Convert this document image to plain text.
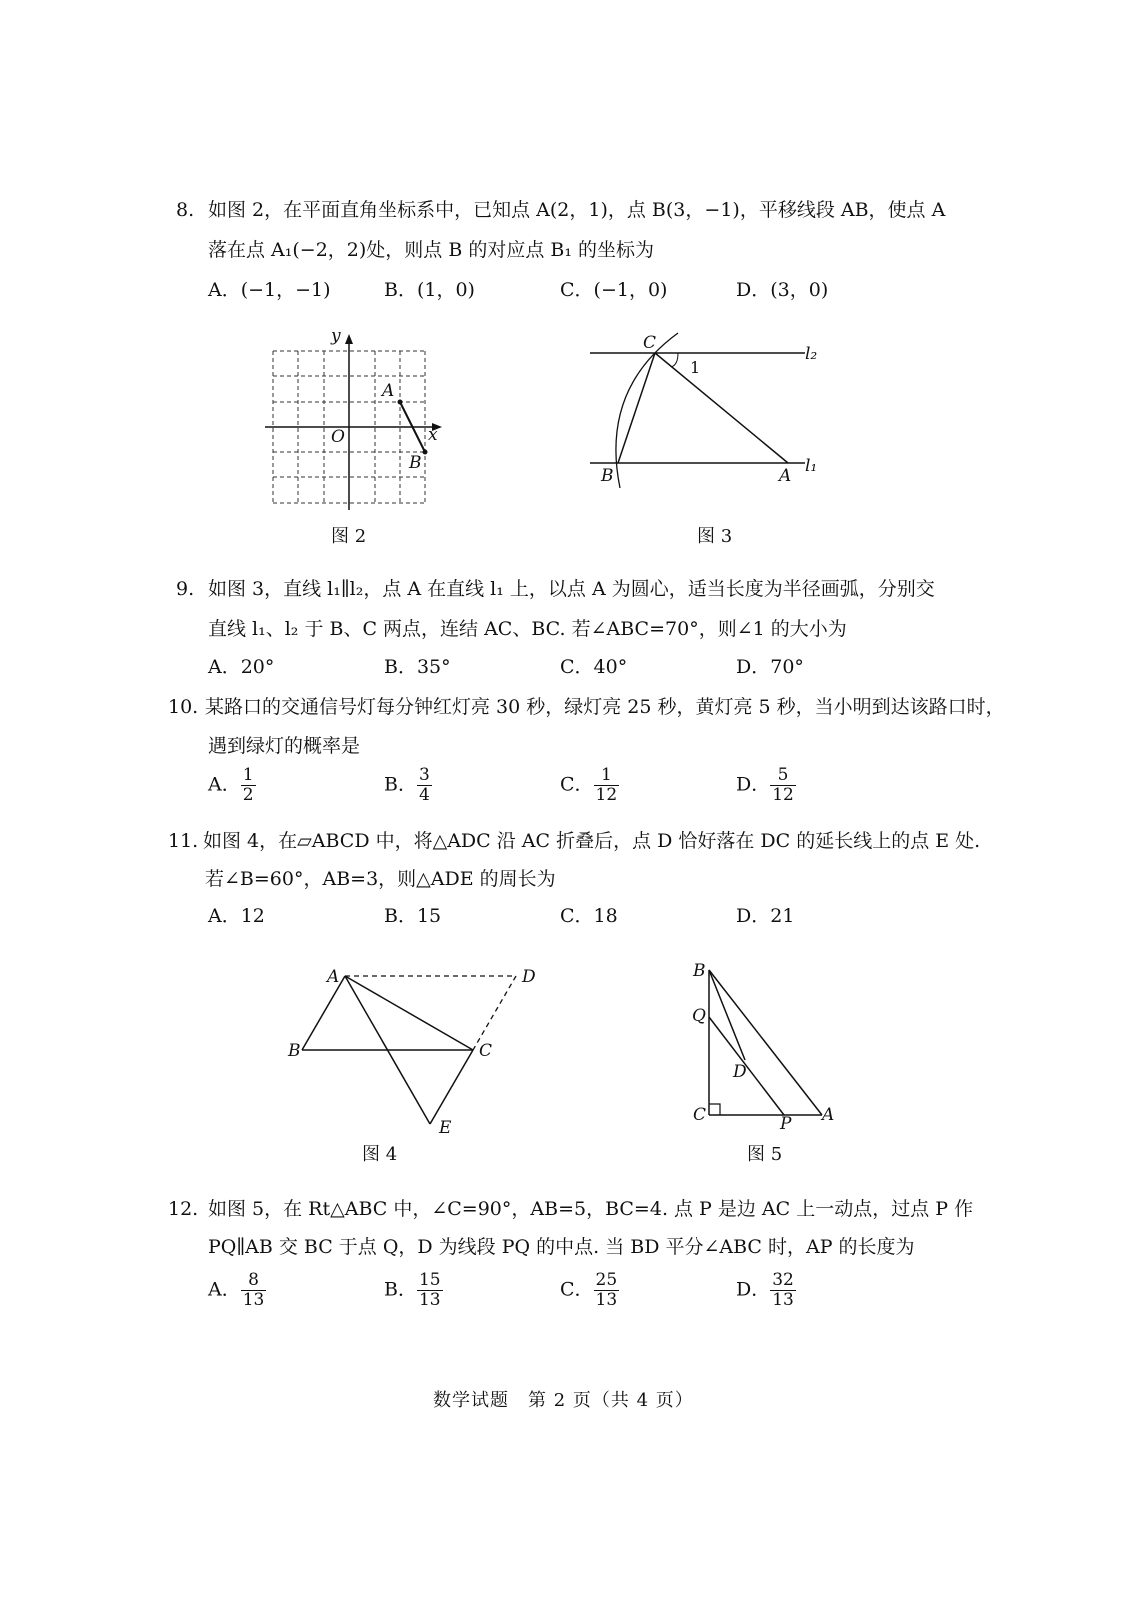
8. 如图 2，在平面直角坐标系中，已知点 A(2，1)，点 B(3，−1)，平移线段 AB，使点 A
落在点 A₁(−2，2)处，则点 B 的对应点 B₁ 的坐标为
A．(−1，−1)	B．(1，0)	C．(−1，0)	D．(3，0)
y
x
O
A
B
图 2
C
B	A
l₂
l₁
1
图 3
9. 如图 3，直线 l₁∥l₂，点 A 在直线 l₁ 上，以点 A 为圆心，适当长度为半径画弧，分别交
直线 l₁、l₂ 于 B、C 两点，连结 AC、BC. 若∠ABC=70°，则∠1 的大小为
A．20°	B．35°	C．40°	D．70°
10. 某路口的交通信号灯每分钟红灯亮 30 秒，绿灯亮 25 秒，黄灯亮 5 秒，当小明到达该路口时，
遇到绿灯的概率是
A． $\frac{1}{2}$	B． $\frac{3}{4}$	C． $\frac{1}{12}$	D． $\frac{5}{12}$
11. 如图 4，在▱ABCD 中，将△ADC 沿 AC 折叠后，点 D 恰好落在 DC 的延长线上的点 E 处.
若∠B=60°，AB=3，则△ADE 的周长为
A．12	B．15	C．18	D．21
A
B	C
D
E
图 4
B
Q
D
C	P A
图 5
12. 如图 5，在 Rt△ABC 中，∠C=90°，AB=5，BC=4. 点 P 是边 AC 上一动点，过点 P 作
PQ∥AB 交 BC 于点 Q，D 为线段 PQ 的中点. 当 BD 平分∠ABC 时，AP 的长度为
A． $\frac{8}{13}$	B． $\frac{15}{13}$	C． $\frac{25}{13}$	D． $\frac{32}{13}$
数学试题　第 2 页（共 4 页）
